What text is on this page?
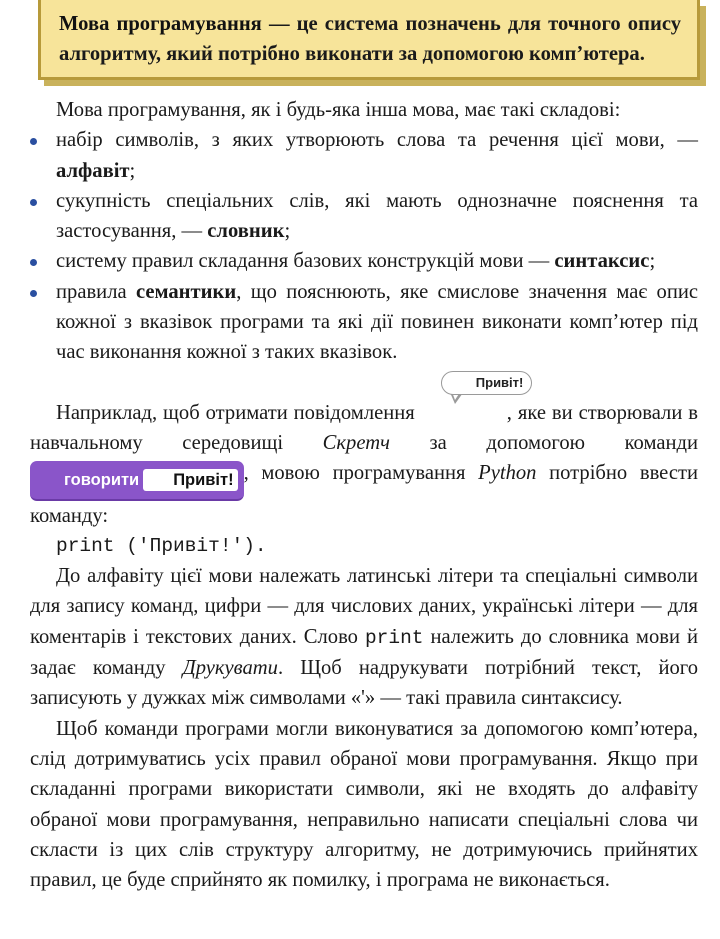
Мова програмування — це система позначень для точного опису алгоритму, який потрібно виконати за допомогою комп’ютера.

Мова програмування, як і будь-яка інша мова, має такі складові:

набір символів, з яких утворюють слова та речення цієї мови, — алфавіт;
сукупність спеціальних слів, які мають однозначне пояснення та застосування, — словник;
систему правил складання базових конструкцій мови — синтаксис;
правила семантики, що пояснюють, яке смислове значення має опис кожної з вказівок програми та які дії повинен виконати комп’ютер під час виконання кожної з таких вказівок.

Наприклад, щоб отримати повідомлення
Привіт!
, яке ви створювали в навчальному середовищі Скретч за допомогою команди говорити Привіт! , мовою програмування Python потрібно ввести команду:

print ('Привіт!').

До алфавіту цієї мови належать латинські літери та спеціальні символи для запису команд, цифри — для числових даних, українські літери — для коментарів і текстових даних. Слово print належить до словника мови й задає команду Друкувати. Щоб надрукувати потрібний текст, його записують у дужках між символами «'» — такі правила синтаксису.

Щоб команди програми могли виконуватися за допомогою комп’ютера, слід дотримуватись усіх правил обраної мови програмування. Якщо при складанні програми використати символи, які не входять до алфавіту обраної мови програмування, неправильно написати спеціальні слова чи скласти із цих слів структуру алгоритму, не дотримуючись прийнятих правил, це буде сприйнято як помилку, і програма не виконається.
